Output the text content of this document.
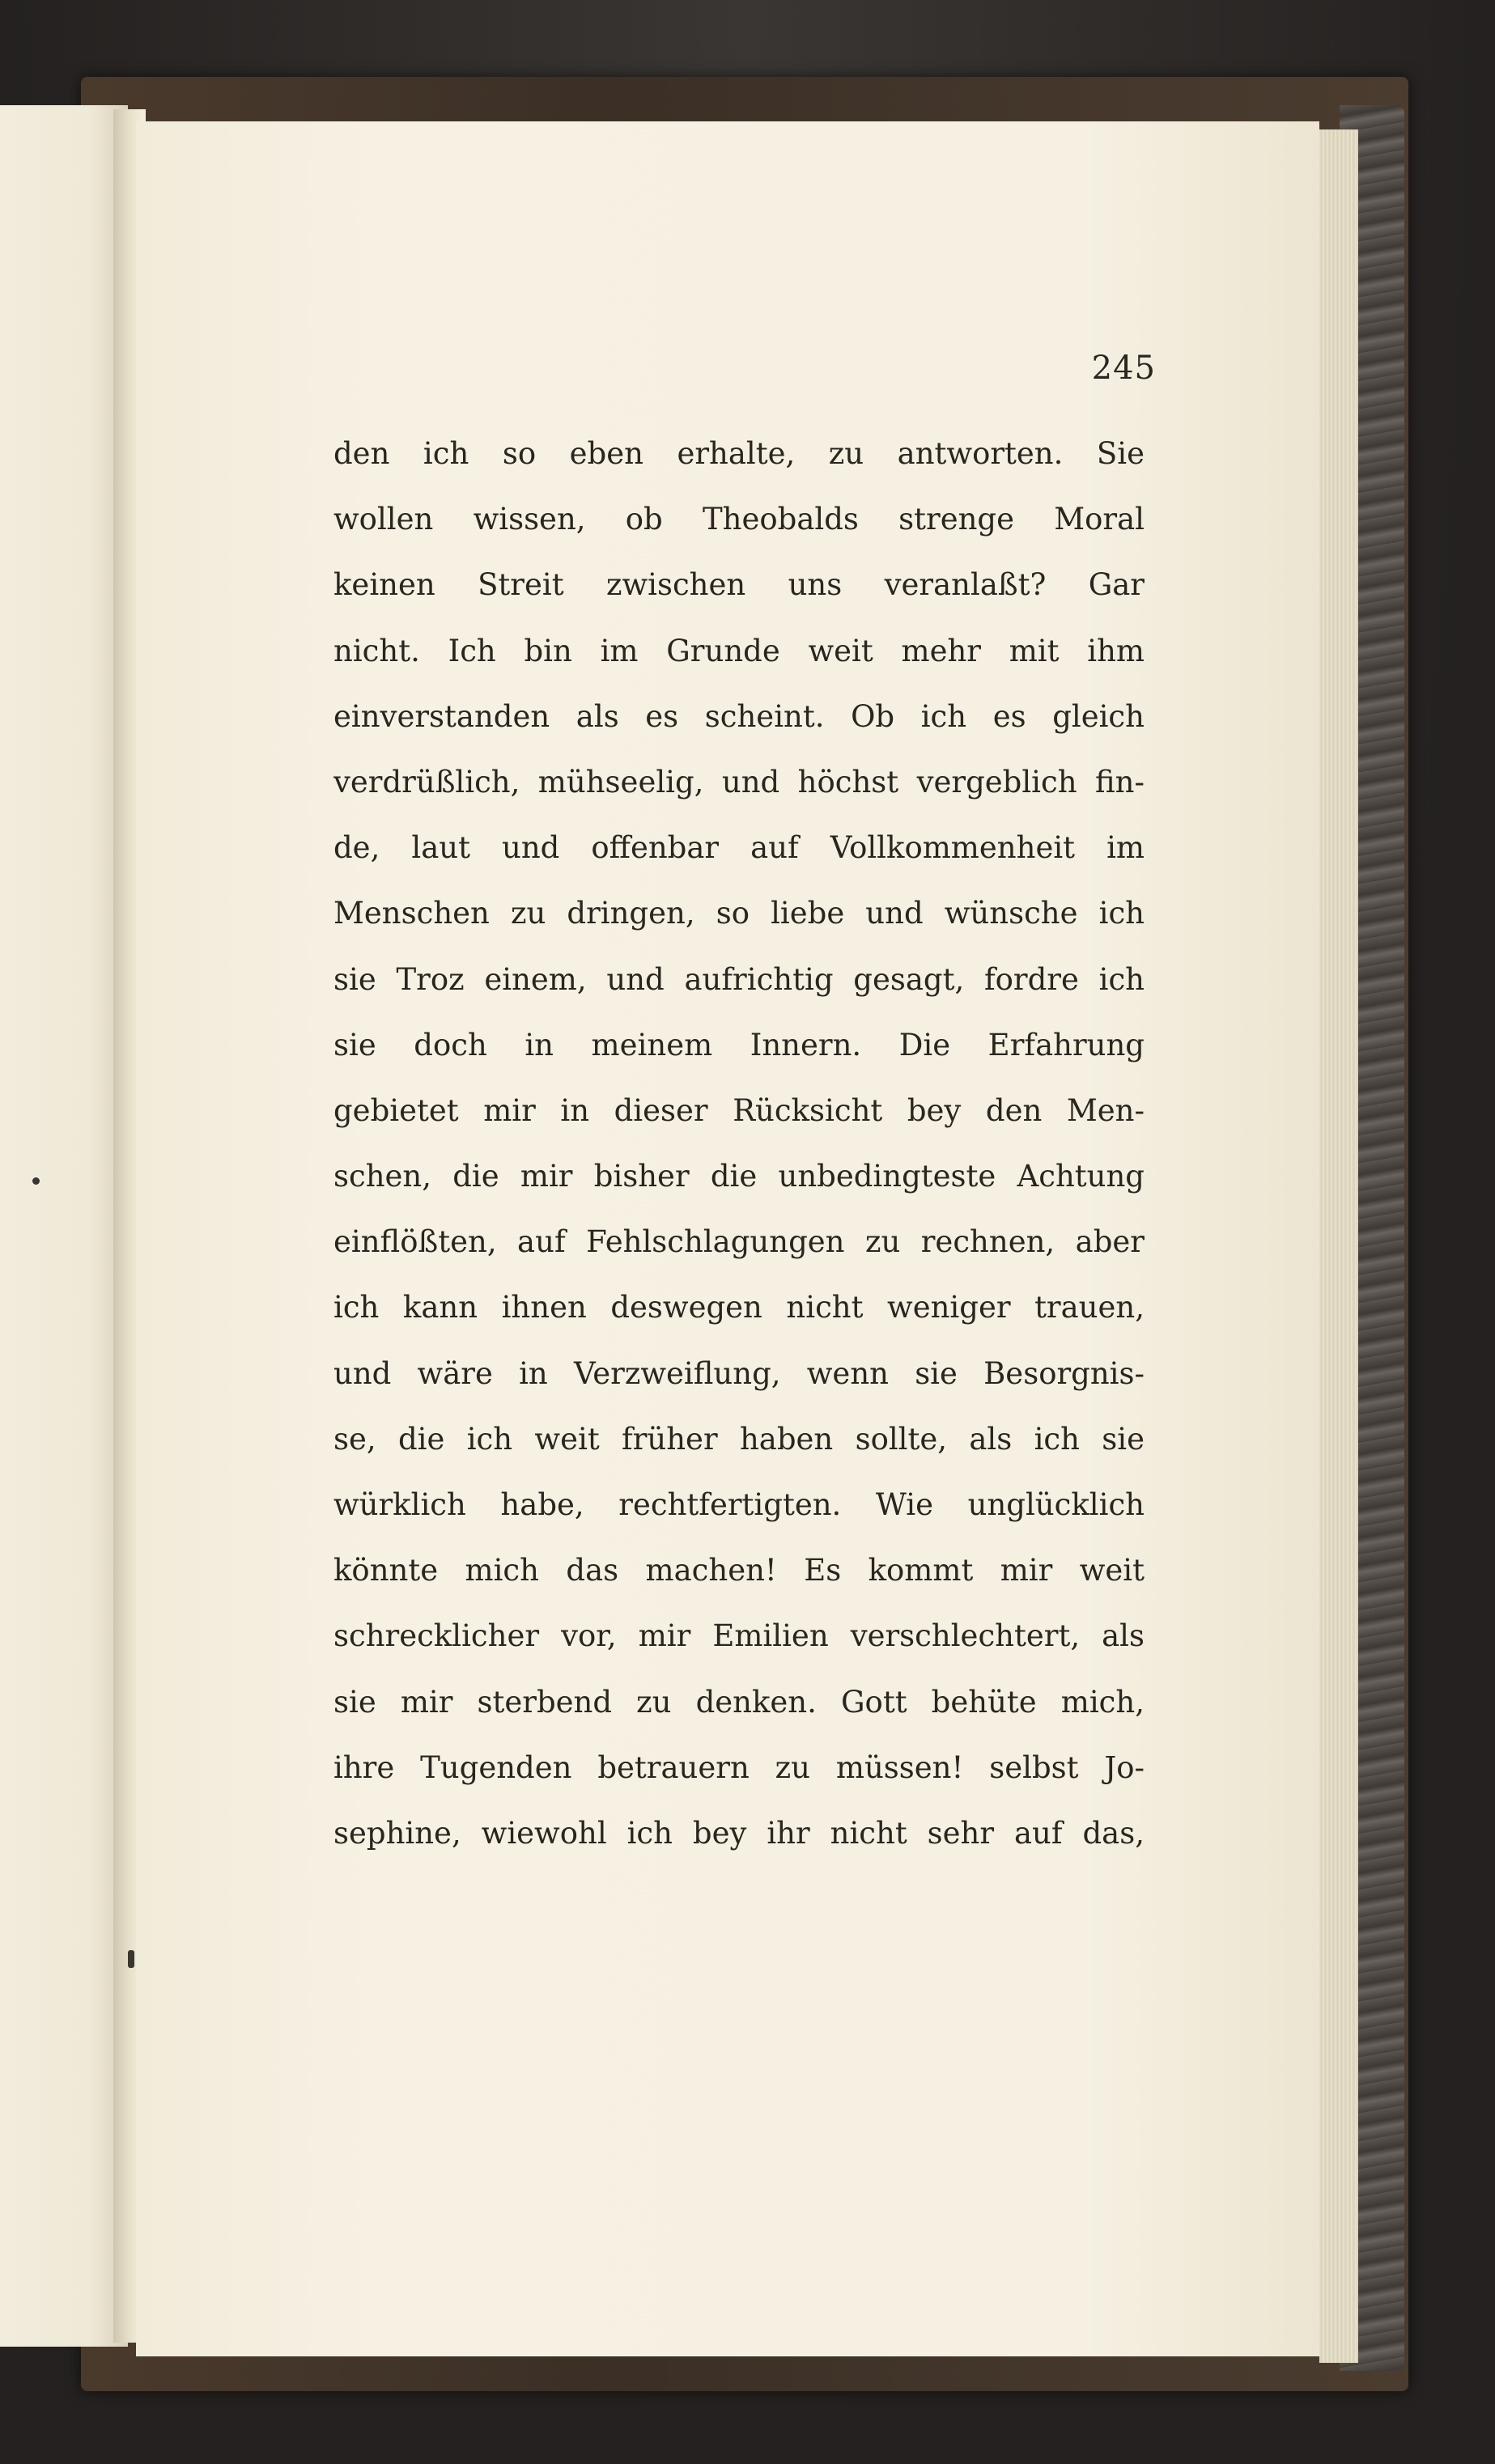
245
den ich so eben erhalte, zu antworten. Sie
wollen wissen, ob Theobalds strenge Moral
keinen Streit zwischen uns veranlaßt? Gar
nicht. Ich bin im Grunde weit mehr mit ihm
einverstanden als es scheint. Ob ich es gleich
verdrüßlich, mühseelig, und höchst vergeblich fin-
de, laut und offenbar auf Vollkommenheit im
Menschen zu dringen, so liebe und wünsche ich
sie Troz einem, und aufrichtig gesagt, fordre ich
sie doch in meinem Innern. Die Erfahrung
gebietet mir in dieser Rücksicht bey den Men-
schen, die mir bisher die unbedingteste Achtung
einflößten, auf Fehlschlagungen zu rechnen, aber
ich kann ihnen deswegen nicht weniger trauen,
und wäre in Verzweiflung, wenn sie Besorgnis-
se, die ich weit früher haben sollte, als ich sie
würklich habe, rechtfertigten. Wie unglücklich
könnte mich das machen! Es kommt mir weit
schrecklicher vor, mir Emilien verschlechtert, als
sie mir sterbend zu denken. Gott behüte mich,
ihre Tugenden betrauern zu müssen! selbst Jo-
sephine, wiewohl ich bey ihr nicht sehr auf das,
